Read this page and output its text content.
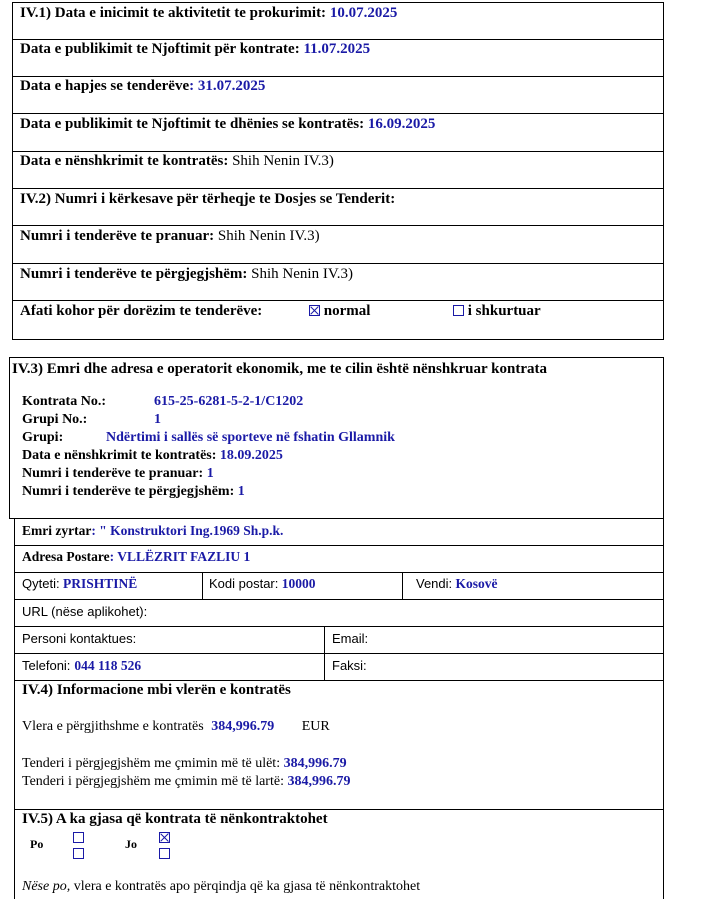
IV.1) Data e inicimit te aktivitetit te prokurimit: 10.07.2025
Data e publikimit te Njoftimit për kontrate: 11.07.2025
Data e hapjes se tenderëve: 31.07.2025
Data e publikimit te Njoftimit te dhënies se kontratës: 16.09.2025
Data e nënshkrimit te kontratës: Shih Nenin IV.3)
IV.2) Numri i kërkesave për tërheqje te Dosjes se Tenderit:
Numri i tenderëve te pranuar: Shih Nenin IV.3)
Numri i tenderëve te përgjegjshëm: Shih Nenin IV.3)
Afati kohor për dorëzim te tenderëve:	normal	i shkurtuar
IV.3) Emri dhe adresa e operatorit ekonomik, me te cilin është nënshkruar kontrata
Kontrata No.:	615-25-6281-5-2-1/C1202
Grupi No.:	1
Grupi:	Ndërtimi i sallës së sporteve në fshatin Gllamnik
Data e nënshkrimit te kontratës: 18.09.2025
Numri i tenderëve te pranuar: 1
Numri i tenderëve te përgjegjshëm: 1
Emri zyrtar: " Konstruktori Ing.1969 Sh.p.k.
Adresa Postare: VLLËZRIT FAZLIU 1
Qyteti: PRISHTINË	Kodi postar: 10000	Vendi: Kosovë
URL (nëse aplikohet):
Personi kontaktues:	Email:
Telefoni: 044 118 526	Faksi:
IV.4) Informacione mbi vlerën e kontratës
Vlera e përgjithshme e kontratës 384,996.79 EUR
Tenderi i përgjegjshëm me çmimin më të ulët: 384,996.79
Tenderi i përgjegjshëm me çmimin më të lartë: 384,996.79
IV.5) A ka gjasa që kontrata të nënkontraktohet
Po	Jo
Nëse po, vlera e kontratës apo përqindja që ka gjasa të nënkontraktohet
